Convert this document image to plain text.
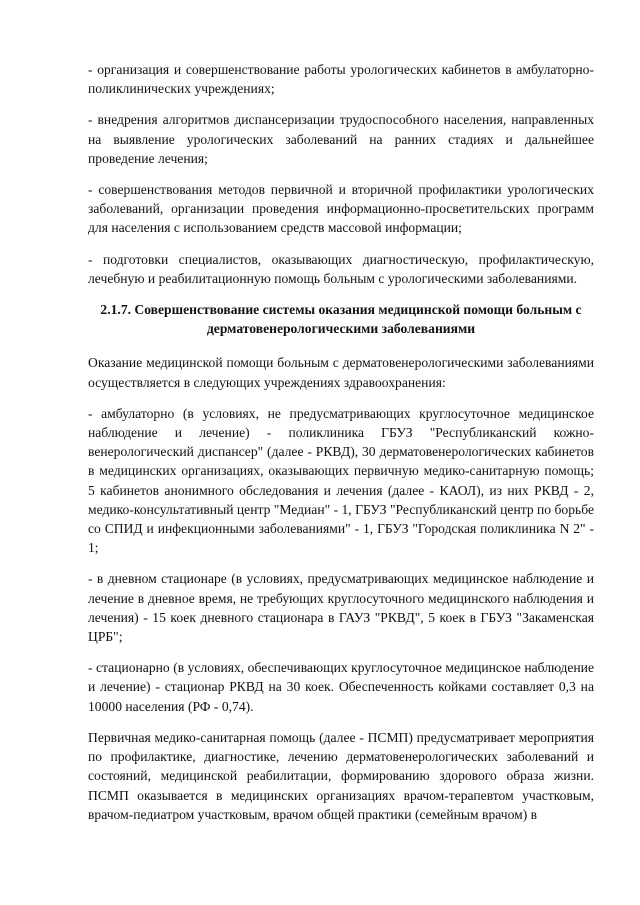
- организация и совершенствование работы урологических кабинетов в амбулаторно-поликлинических учреждениях;

- внедрения алгоритмов диспансеризации трудоспособного населения, направленных на выявление урологических заболеваний на ранних стадиях и дальнейшее проведение лечения;

- совершенствования методов первичной и вторичной профилактики урологических заболеваний, организации проведения информационно-просветительских программ для населения с использованием средств массовой информации;

- подготовки специалистов, оказывающих диагностическую, профилактическую, лечебную и реабилитационную помощь больным с урологическими заболеваниями.

2.1.7. Совершенствование системы оказания медицинской помощи больным с дерматовенерологическими заболеваниями

Оказание медицинской помощи больным с дерматовенерологическими заболеваниями осуществляется в следующих учреждениях здравоохранения:

- амбулаторно (в условиях, не предусматривающих круглосуточное медицинское наблюдение и лечение) - поликлиника ГБУЗ "Республиканский кожно-венерологический диспансер" (далее - РКВД), 30 дерматовенерологических кабинетов в медицинских организациях, оказывающих первичную медико-санитарную помощь; 5 кабинетов анонимного обследования и лечения (далее - КАОЛ), из них РКВД - 2, медико-консультативный центр "Медиан" - 1, ГБУЗ "Республиканский центр по борьбе со СПИД и инфекционными заболеваниями" - 1, ГБУЗ "Городская поликлиника N 2" - 1;

- в дневном стационаре (в условиях, предусматривающих медицинское наблюдение и лечение в дневное время, не требующих круглосуточного медицинского наблюдения и лечения) - 15 коек дневного стационара в ГАУЗ "РКВД", 5 коек в ГБУЗ "Закаменская ЦРБ";

- стационарно (в условиях, обеспечивающих круглосуточное медицинское наблюдение и лечение) - стационар РКВД на 30 коек. Обеспеченность койками составляет 0,3 на 10000 населения (РФ - 0,74).

Первичная медико-санитарная помощь (далее - ПСМП) предусматривает мероприятия по профилактике, диагностике, лечению дерматовенерологических заболеваний и состояний, медицинской реабилитации, формированию здорового образа жизни. ПСМП оказывается в медицинских организациях врачом-терапевтом участковым, врачом-педиатром участковым, врачом общей практики (семейным врачом) в
